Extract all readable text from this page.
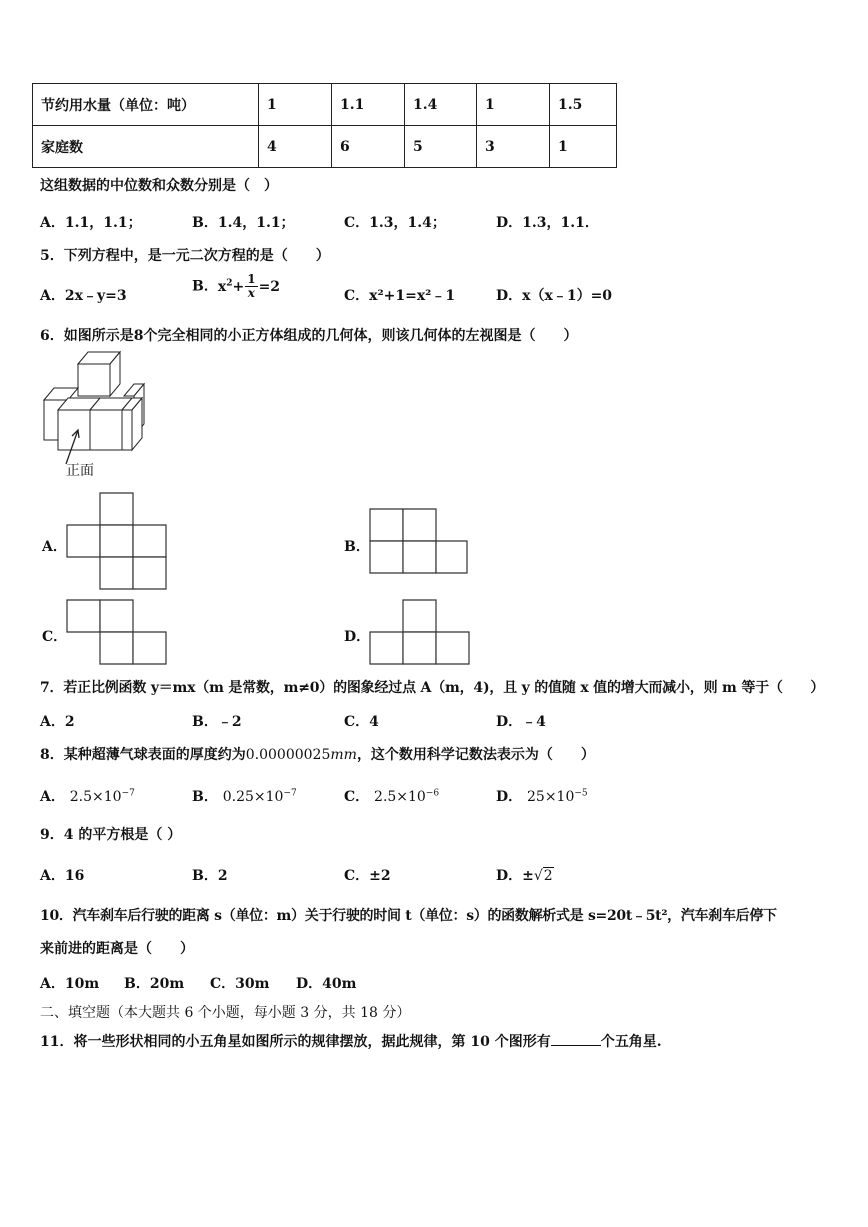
节约用水量（单位：吨）	1	1.1	1.4	1	1.5
家庭数	4	6	5	3	1
这组数据的中位数和众数分别是（　）
A．1.1，1.1；	B．1.4，1.1；	C．1.3，1.4；	D．1.3，1.1．
5．下列方程中，是一元二次方程的是（　　）
A．2x﹣y=3
B．$x^2+ \frac{1}{x} =2$
C．x²+1=x²﹣1	D．x（x﹣1）=0
6．如图所示是8个完全相同的小正方体组成的几何体，则该几何体的左视图是（　　）
正面
A．	B．
C．	D．
7．若正比例函数 y＝mx（m 是常数，m≠0）的图象经过点 A（m，4)，且 y 的值随 x 值的增大而减小，则 m 等于（　　）
A．2	B．﹣2	C．4	D．﹣4
8．某种超薄气球表面的厚度约为0.00000025mm，这个数用科学记数法表示为（　　）
A． $2.5\times 10^{-7}$	B． $0.25\times 10^{-7}$	C． $2.5\times 10^{-6}$	D． $25\times 10^{-5}$
9．4 的平方根是（ ）
A．16	B．2	C．±2	D．±√2
10．汽车刹车后行驶的距离 s（单位：m）关于行驶的时间 t（单位：s）的函数解析式是 s=20t﹣5t²，汽车刹车后停下
来前进的距离是（　　）
A．10m B．20m C．30m D．40m
二、填空题（本大题共 6 个小题，每小题 3 分，共 18 分）
11．将一些形状相同的小五角星如图所示的规律摆放，据此规律，第 10 个图形有	个五角星.
